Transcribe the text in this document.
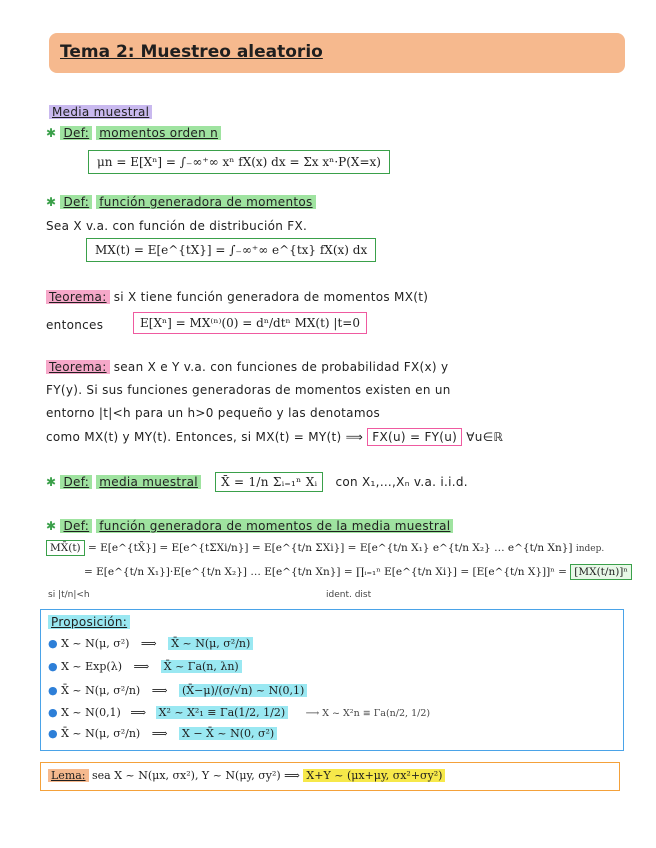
Tema 2: Muestreo aleatorio
Media muestral
✱ Def: momentos orden n
μn = E[Xⁿ] = ∫₋∞⁺∞ xⁿ fX(x) dx = Σx xⁿ·P(X=x)
✱ Def: función generadora de momentos
Sea X v.a. con función de distribución FX.
MX(t) = E[e^{tX}] = ∫₋∞⁺∞ e^{tx} fX(x) dx
Teorema: si X tiene función generadora de momentos MX(t)
entonces	E[Xⁿ] = MX⁽ⁿ⁾(0) = dⁿ/dtⁿ MX(t) |t=0
Teorema: sean X e Y v.a. con funciones de probabilidad FX(x) y
FY(y). Si sus funciones generadoras de momentos existen en un
entorno |t|<h para un h>0 pequeño y las denotamos
como MX(t) y MY(t). Entonces, si MX(t) = MY(t) ⟹ FX(u) = FY(u) ∀u∈ℝ
✱ Def: media muestral X̄ = 1/n Σᵢ₌₁ⁿ Xᵢ con X₁,…,Xₙ v.a. i.i.d.
✱ Def: función generadora de momentos de la media muestral
MX̄(t) = E[e^{tX̄}] = E[e^{tΣXi/n}] = E[e^{t/n ΣXi}] = E[e^{t/n X₁} e^{t/n X₂} … e^{t/n Xn}] indep.
= E[e^{t/n X₁}]·E[e^{t/n X₂}] … E[e^{t/n Xn}] = ∏ᵢ₌₁ⁿ E[e^{t/n Xi}] = [E[e^{t/n X}]]ⁿ = [MX(t/n)]ⁿ
si |t/n|<h	ident. dist
Proposición:
● X ~ N(μ, σ²) ⟹ X̄ ~ N(μ, σ²/n)
● X ~ Exp(λ) ⟹ X̄ ~ Γa(n, λn)
● X̄ ~ N(μ, σ²/n) ⟹ (X̄−μ)/(σ/√n) ~ N(0,1)
● X ~ N(0,1) ⟹ X² ~ X²₁ ≡ Γa(1/2, 1/2) ⟶ X ~ X²n ≡ Γa(n/2, 1/2)
● X̄ ~ N(μ, σ²/n) ⟹ X − X̄ ~ N(0, σ²)
Lema: sea X ~ N(μx, σx²), Y ~ N(μy, σy²) ⟹ X+Y ~ (μx+μy, σx²+σy²)
